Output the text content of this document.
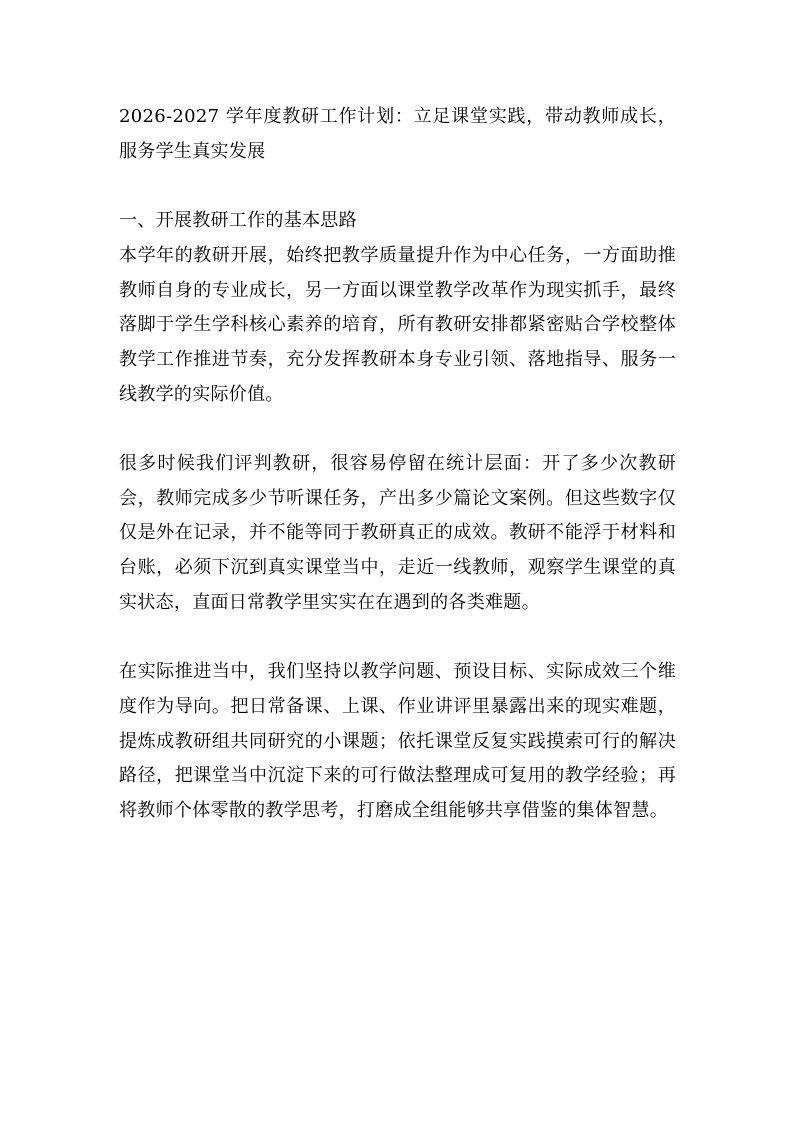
2026-2027 学年度教研工作计划：立足课堂实践，带动教师成长，服务学生真实发展

一、开展教研工作的基本思路

本学年的教研开展，始终把教学质量提升作为中心任务，一方面助推教师自身的专业成长，另一方面以课堂教学改革作为现实抓手，最终落脚于学生学科核心素养的培育，所有教研安排都紧密贴合学校整体教学工作推进节奏，充分发挥教研本身专业引领、落地指导、服务一线教学的实际价值。

很多时候我们评判教研，很容易停留在统计层面：开了多少次教研会，教师完成多少节听课任务，产出多少篇论文案例。但这些数字仅仅是外在记录，并不能等同于教研真正的成效。教研不能浮于材料和台账，必须下沉到真实课堂当中，走近一线教师，观察学生课堂的真实状态，直面日常教学里实实在在遇到的各类难题。

在实际推进当中，我们坚持以教学问题、预设目标、实际成效三个维度作为导向。把日常备课、上课、作业讲评里暴露出来的现实难题，提炼成教研组共同研究的小课题；依托课堂反复实践摸索可行的解决路径，把课堂当中沉淀下来的可行做法整理成可复用的教学经验；再将教师个体零散的教学思考，打磨成全组能够共享借鉴的集体智慧。
